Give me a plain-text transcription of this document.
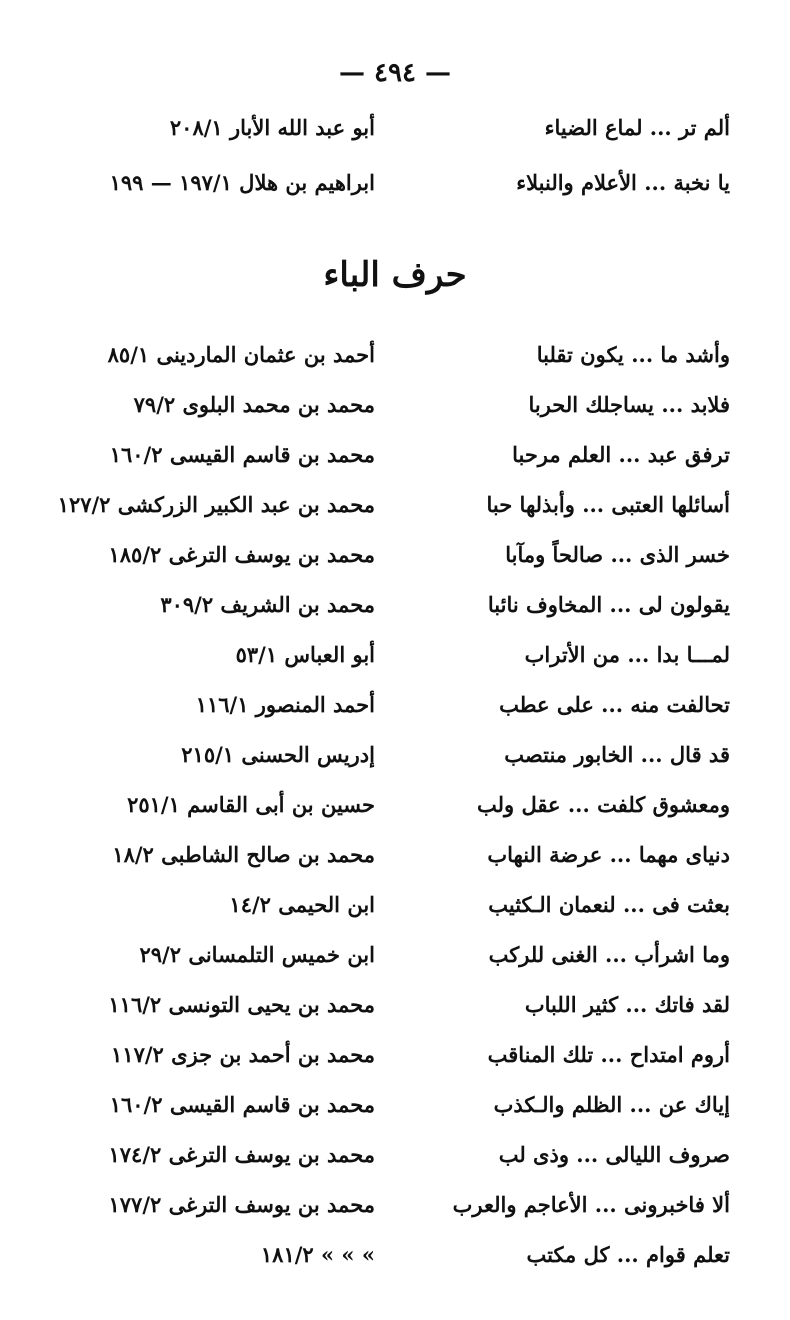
— ٤٩٤ —
ألم تر ... لماع الضياء
أبو عبد الله الأبار ٢٠٨/١
يا نخبة ... الأعلام والنبلاء
ابراهيم بن هلال ١٩٧/١ — ١٩٩
حرف الباء
وأشد ما ... يكون تقلبا
أحمد بن عثمان الماردينى ٨٥/١
فلابد ... يساجلك الحربا
محمد بن محمد البلوى ٧٩/٢
ترفق عبد ... العلم مرحبا
محمد بن قاسم القيسى ١٦٠/٢
أسائلها العتبى ... وأبذلها حبا
محمد بن عبد الكبير الزركشى ١٢٧/٢
خسر الذى ... صالحاً ومآبا
محمد بن يوسف الترغى ١٨٥/٢
يقولون لى ... المخاوف نائبا
محمد بن الشريف ٣٠٩/٢
لمـــا بدا ... من الأتراب
أبو العباس ٥٣/١
تحالفت منه ... على عطب
أحمد المنصور ١١٦/١
قد قال ... الخابور منتصب
إدريس الحسنى ٢١٥/١
ومعشوق كلفت ... عقل ولب
حسين بن أبى القاسم ٢٥١/١
دنياى مهما ... عرضة النهاب
محمد بن صالح الشاطبى ١٨/٢
بعثت فى ... لنعمان الـكثيب
ابن الحيمى ١٤/٢
وما اشرأب ... الغنى للركب
ابن خميس التلمسانى ٢٩/٢
لقد فاتك ... كثير اللباب
محمد بن يحيى التونسى ١١٦/٢
أروم امتداح ... تلك المناقب
محمد بن أحمد بن جزى ١١٧/٢
إياك عن ... الظلم والـكذب
محمد بن قاسم القيسى ١٦٠/٢
صروف الليالى ... وذى لب
محمد بن يوسف الترغى ١٧٤/٢
ألا فاخبرونى ... الأعاجم والعرب
محمد بن يوسف الترغى ١٧٧/٢
تعلم قوام ... كل مكتب
» » » ١٨١/٢
